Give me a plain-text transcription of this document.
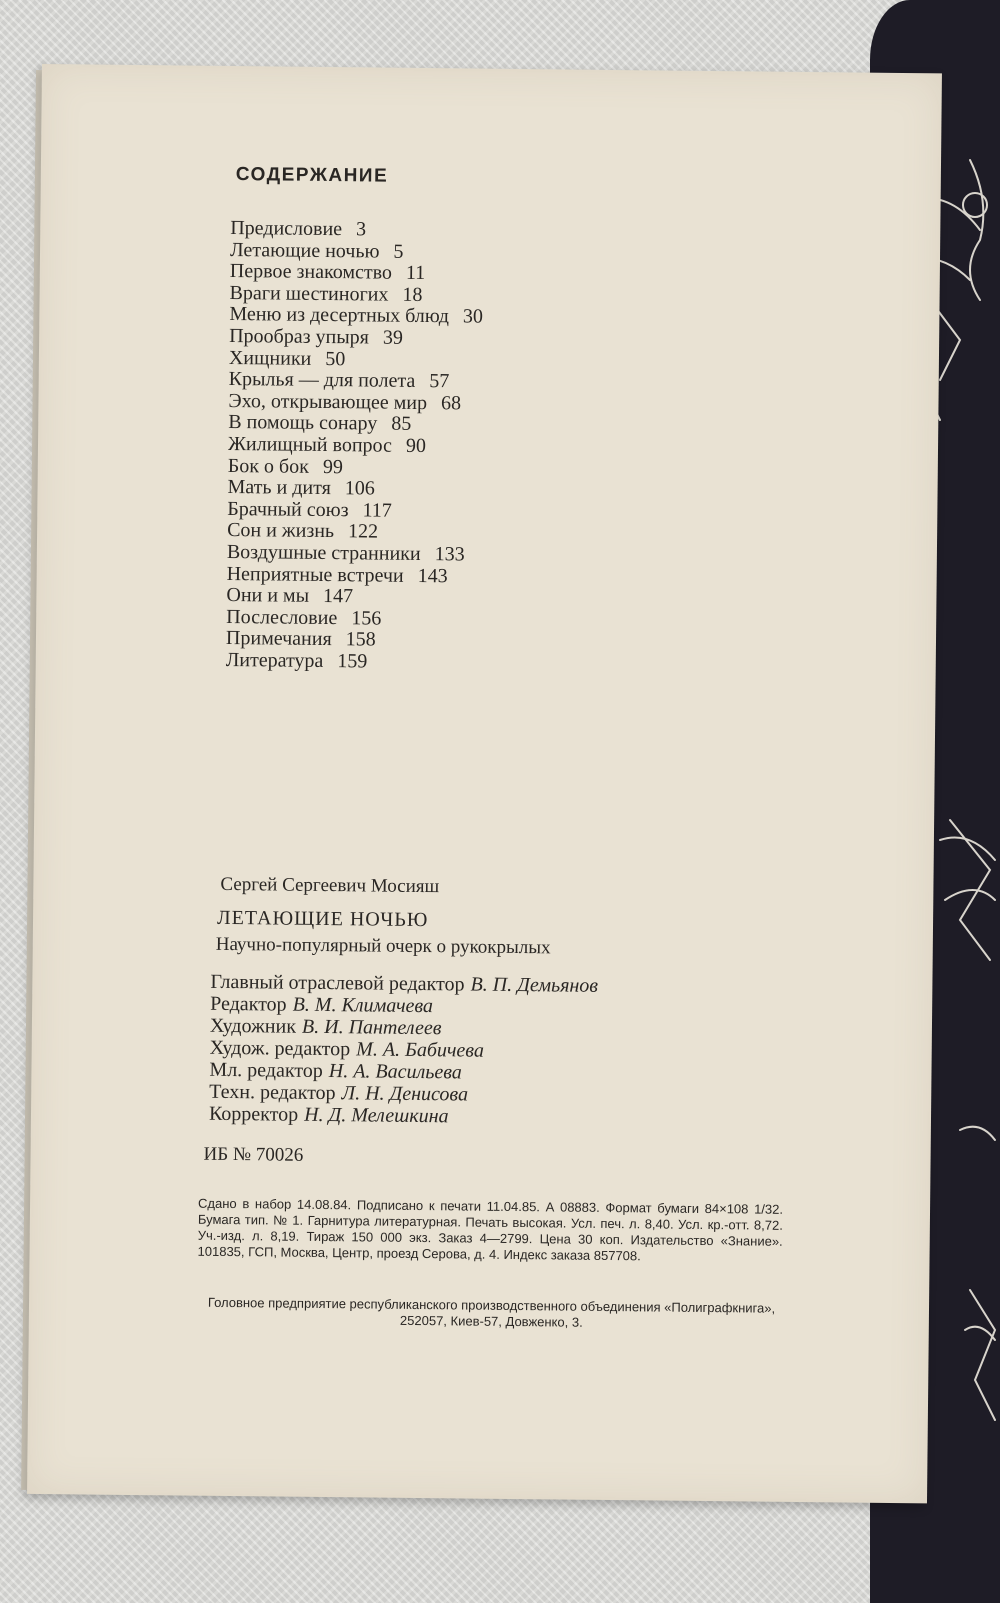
СОДЕРЖАНИЕ
Предисловие 3
Летающие ночью 5
Первое знакомство 11
Враги шестиногих 18
Меню из десертных блюд 30
Прообраз упыря 39
Хищники 50
Крылья — для полета 57
Эхо, открывающее мир 68
В помощь сонару 85
Жилищный вопрос 90
Бок о бок 99
Мать и дитя 106
Брачный союз 117
Сон и жизнь 122
Воздушные странники 133
Неприятные встречи 143
Они и мы 147
Послесловие 156
Примечания 158
Литература 159
Сергей Сергеевич Мосияш
ЛЕТАЮЩИЕ НОЧЬЮ
Научно-популярный очерк о рукокрылых
Главный отраслевой редактор В. П. Демьянов
Редактор В. М. Климачева
Художник В. И. Пантелеев
Худож. редактор М. А. Бабичева
Мл. редактор Н. А. Васильева
Техн. редактор Л. Н. Денисова
Корректор Н. Д. Мелешкина
ИБ № 70026
Сдано в набор 14.08.84. Подписано к печати 11.04.85. А 08883. Формат бумаги 84×108 1/32. Бумага тип. № 1. Гарнитура литературная. Печать высокая. Усл. печ. л. 8,40. Усл. кр.-отт. 8,72. Уч.-изд. л. 8,19. Тираж 150 000 экз. Заказ 4—2799. Цена 30 коп. Издательство «Знание». 101835, ГСП, Москва, Центр, проезд Серова, д. 4. Индекс заказа 857708.
Головное предприятие республиканского производственного объединения «Полиграфкнига», 252057, Киев-57, Довженко, 3.
